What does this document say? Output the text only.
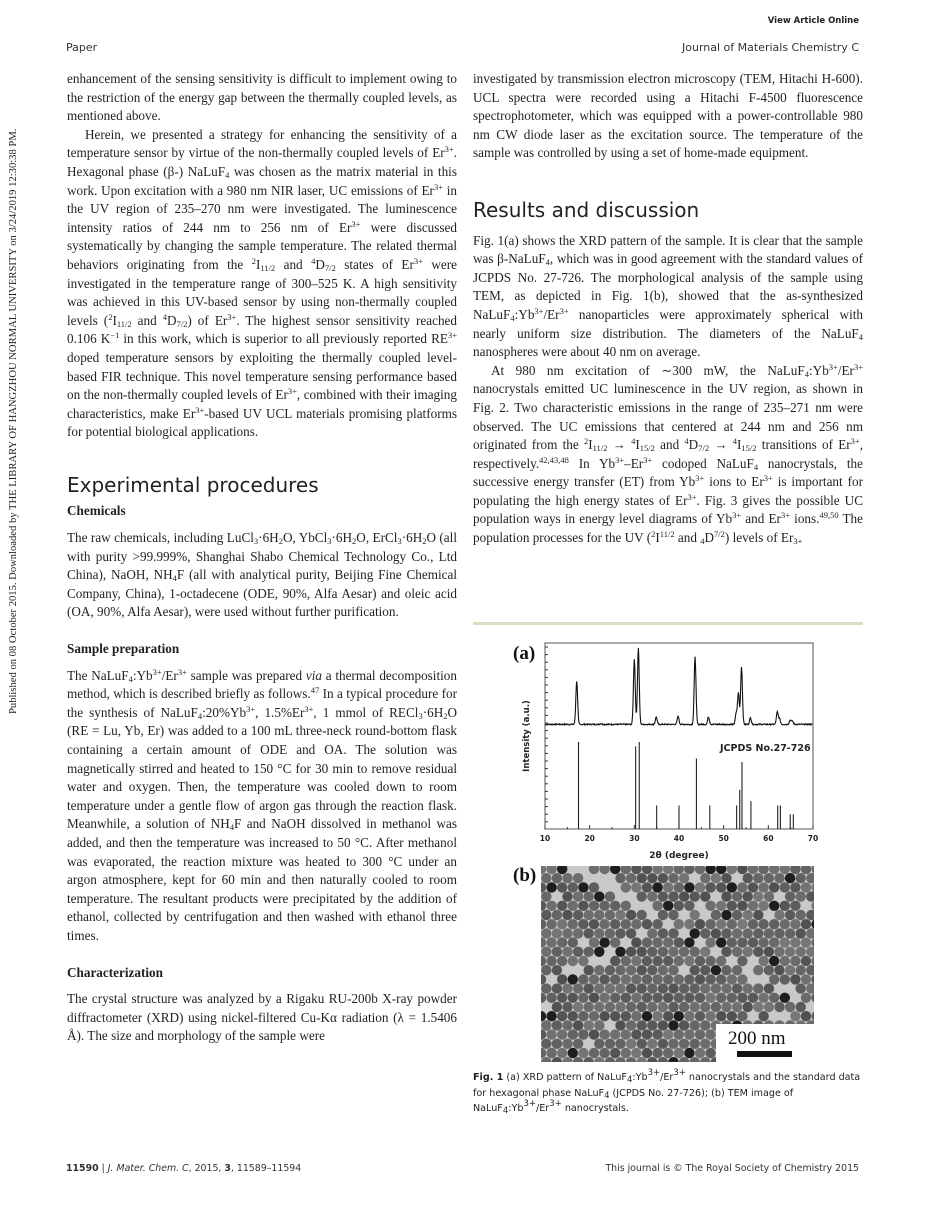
View Article Online
Paper	Journal of Materials Chemistry C
Published on 08 October 2015. Downloaded by THE LIBRARY OF HANGZHOU NORMAL UNIVERSITY on 3/24/2019 12:30:38 PM.

enhancement of the sensing sensitivity is difficult to implement owing to the restriction of the energy gap between the thermally coupled levels, as mentioned above.

Herein, we presented a strategy for enhancing the sensitivity of a temperature sensor by virtue of the non-thermally coupled levels of $Er^{3+}$. Hexagonal phase (β-) NaLuF$_4$ was chosen as the matrix material in this work. Upon excitation with a 980 nm NIR laser, UC emissions of $Er^{3+}$ in the UV region of 235–270 nm were investigated. The luminescence intensity ratios of 244 nm to 256 nm of $Er^{3+}$ were discussed systematically by changing the sample temperature. The related thermal behaviors originating from the $^2I_{11/2}$ and $^4D_{7/2}$ states of $Er^{3+}$ were investigated in the temperature range of 300–525 K. A high sensitivity was achieved in this UV-based sensor by using non-thermally coupled levels ($^2I_{11/2}$ and $^4D_{7/2}$) of $Er^{3+}$. The highest sensor sensitivity reached 0.106 $K^{-1}$ in this work, which is superior to all previously reported $RE^{3+}$ doped temperature sensors by exploiting the thermally coupled level-based FIR technique. This novel temperature sensing performance based on the non-thermally coupled levels of $Er^{3+}$, combined with their imaging characteristics, make $Er^{3+}$-based UV UCL materials promising platforms for potential biological applications.

Experimental procedures
Chemicals

The raw chemicals, including $LuCl_3\cdot 6H_2O$, $YbCl_3\cdot 6H_2O$, $ErCl_3\cdot 6H_2O$ (all with purity >99.999%, Shanghai Shabo Chemical Technology Co., Ltd China), NaOH, $NH_4F$ (all with analytical purity, Beijing Fine Chemical Company, China), 1-octadecene (ODE, 90%, Alfa Aesar) and oleic acid (OA, 90%, Alfa Aesar), were used without further purification.

Sample preparation

The $NaLuF_4:Yb^{3+}/Er^{3+}$ sample was prepared via a thermal decomposition method, which is described briefly as follows.$^{47}$ In a typical procedure for the synthesis of $NaLuF_4:20\%Yb^{3+}$, $1.5\%Er^{3+}$, 1 mmol of $RECl_3\cdot 6H_2O$ (RE = Lu, Yb, Er) was added to a 100 mL three-neck round-bottom flask containing a certain amount of ODE and OA. The solution was magnetically stirred and heated to 150 °C for 30 min to remove residual water and oxygen. Then, the temperature was cooled down to room temperature under a gentle flow of argon gas through the reaction flask. Meanwhile, a solution of $NH_4F$ and NaOH dissolved in methanol was added, and then the temperature was increased to 50 °C. After methanol was evaporated, the reaction mixture was heated to 300 °C under an argon atmosphere, kept for 60 min and then naturally cooled to room temperature. The resultant products were precipitated by the addition of ethanol, collected by centrifugation and then washed with ethanol three times.

Characterization

The crystal structure was analyzed by a Rigaku RU-200b X-ray powder diffractometer (XRD) using nickel-filtered Cu-Kα radiation (λ = 1.5406 Å). The size and morphology of the sample were

investigated by transmission electron microscopy (TEM, Hitachi H-600). UCL spectra were recorded using a Hitachi F-4500 fluorescence spectrophotometer, which was equipped with a power-controllable 980 nm CW diode laser as the excitation source. The temperature of the sample was controlled by using a set of home-made equipment.

Results and discussion

Fig. 1(a) shows the XRD pattern of the sample. It is clear that the sample was β-NaLuF$_4$, which was in good agreement with the standard values of JCPDS No. 27-726. The morphological analysis of the sample using TEM, as depicted in Fig. 1(b), showed that the as-synthesized $NaLuF_4:Yb^{3+}/Er^{3+}$ nanoparticles were approximately spherical with nearly uniform size distribution. The diameters of the NaLuF$_4$ nanospheres were about 40 nm on average.

At 980 nm excitation of ∼300 mW, the $NaLuF_4:Yb^{3+}/Er^{3+}$ nanocrystals emitted UC luminescence in the UV region, as shown in Fig. 2. Two characteristic emissions in the range of 235–271 nm were observed. The UC emissions that centered at 244 nm and 256 nm originated from the $^2I_{11/2} \to ^4I_{15/2}$ and $^4D_{7/2} \to ^4I_{15/2}$ transitions of $Er^{3+}$, respectively.$^{42,43,48}$ In $Yb^{3+}-Er^{3+}$ codoped NaLuF$_4$ nanocrystals, the successive energy transfer (ET) from $Yb^{3+}$ ions to $Er^{3+}$ is important for populating the high energy states of $Er^{3+}$. Fig. 3 gives the possible UC population ways in energy level diagrams of $Yb^{3+}$ and $Er^{3+}$ ions.$^{49,50}$ The population processes for the UV ($^2I^{11/2}$ and $_4D^{7/2}$) levels of $Er_{3+}$

(a)
10	20	30	40	50	60	70
JCPDS No.27-726
2θ (degree)
Intensity (a.u.)
(b)
200 nm
Fig. 1 (a) XRD pattern of $NaLuF_4:Yb^{3+}/Er^{3+}$ nanocrystals and the standard data for hexagonal phase NaLuF$_4$ (JCPDS No. 27-726); (b) TEM image of $NaLuF_4:Yb^{3+}/Er^{3+}$ nanocrystals.
11590 | J. Mater. Chem. C, 2015, 3, 11589–11594	This journal is © The Royal Society of Chemistry 2015
